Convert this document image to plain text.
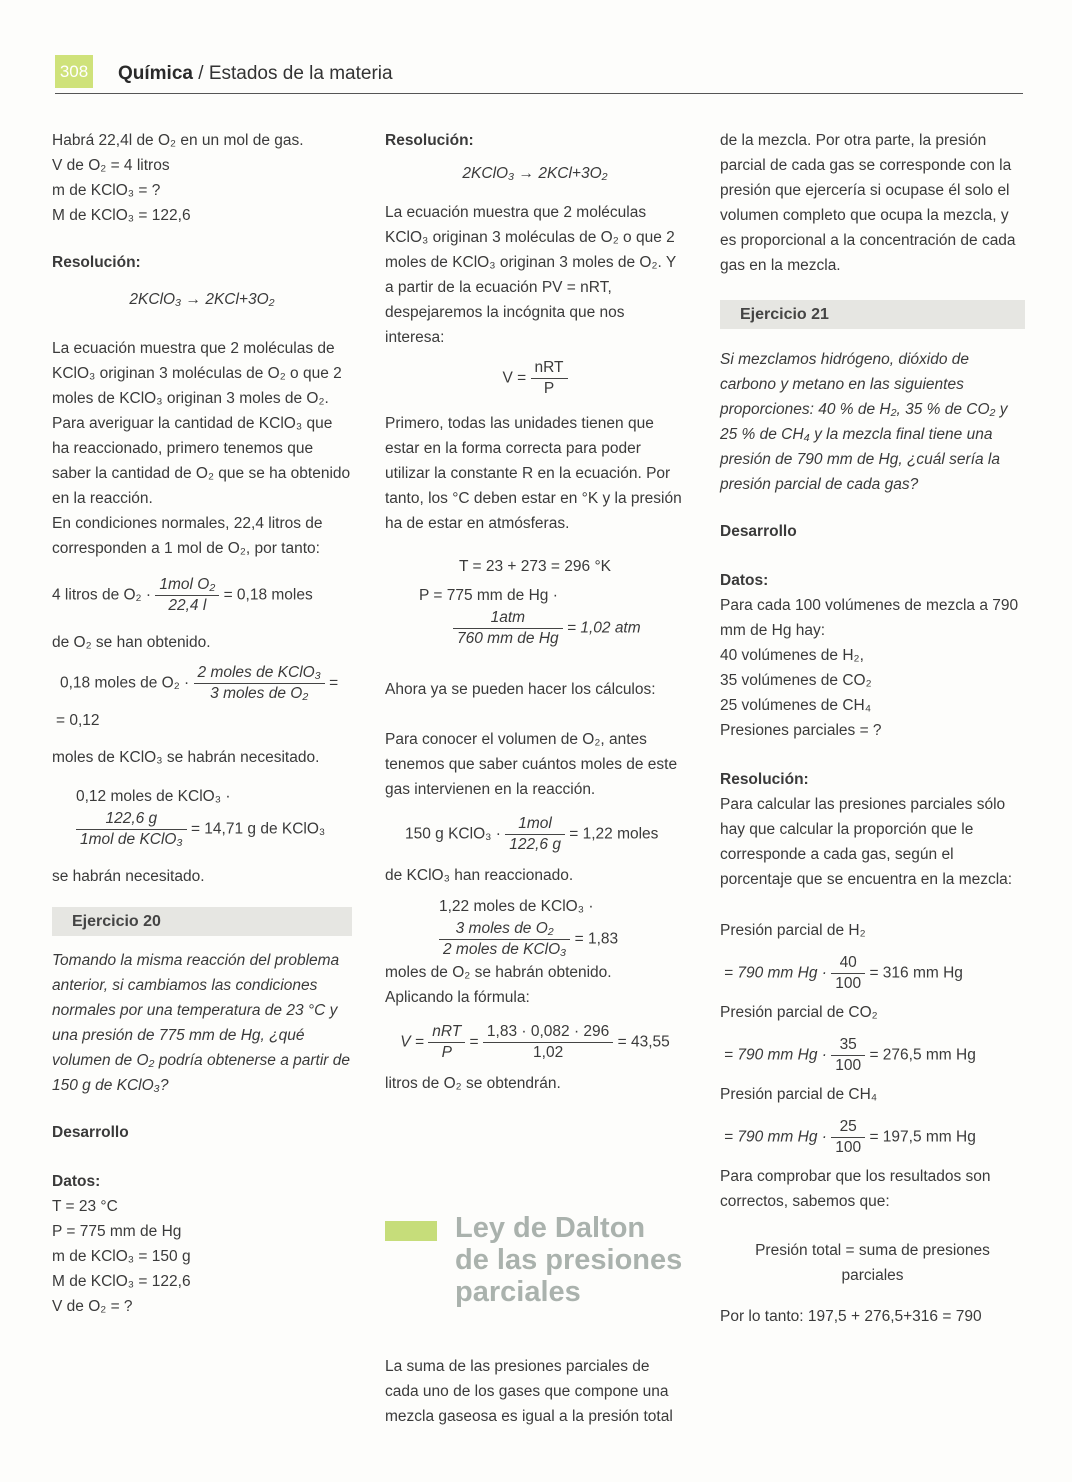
308 Química / Estados de la materia

Habrá 22,4l de O₂ en un mol de gas.

V de O₂ = 4 litros

m de KClO₃ = ?

M de KClO₃ = 122,6

Resolución:

2KClO₃ → 2KCl+3O₂

La ecuación muestra que 2 moléculas de KClO₃ originan 3 moléculas de O₂ o que 2 moles de KClO₃ originan 3 moles de O₂.

Para averiguar la cantidad de KClO₃ que ha reaccionado, primero tenemos que saber la cantidad de O₂ que se ha obtenido en la reacción.

En condiciones normales, 22,4 litros de corresponden a 1 mol de O₂, por tanto:

4 litros de $O_2 \cdot \frac{\text{1mol O₂}}{22,4 l} = 0,18$ moles

de O₂ se han obtenido.

0,18 moles de $O_2 \cdot \frac{\text{2 moles de KClO₃}}{\text{3 moles de O₂}}$ =

= 0,12

moles de KClO₃ se habrán necesitado.

0,12 moles de KClO₃ ·

$\frac{122,6 g}{\text{1mol de KClO₃}} = 14,71$ g de KClO₃

se habrán necesitado.

Ejercicio 20

Tomando la misma reacción del problema anterior, si cambiamos las condiciones normales por una temperatura de 23 °C y una presión de 775 mm de Hg, ¿qué volumen de O₂ podría obtenerse a partir de 150 g de KClO₃?

Desarrollo

Datos:

T = 23 °C

P = 775 mm de Hg

m de KClO₃ = 150 g

M de KClO₃ = 122,6

V de O₂ = ?

Resolución:

2KClO₃ → 2KCl+3O₂

La ecuación muestra que 2 moléculas KClO₃ originan 3 moléculas de O₂ o que 2 moles de KClO₃ originan 3 moles de O₂. Y a partir de la ecuación PV = nRT, despejaremos la incógnita que nos interesa:

$V = \frac{\text{nRT}}{P}$

Primero, todas las unidades tienen que estar en la forma correcta para poder utilizar la constante R en la ecuación. Por tanto, los °C deben estar en °K y la presión ha de estar en atmósferas.

T = 23 + 273 = 296 °K

P = 775 mm de Hg ·

$\frac{\text{1atm}}{\text{760 mm de Hg}} = 1,02$ atm

Ahora ya se pueden hacer los cálculos:

Para conocer el volumen de O₂, antes tenemos que saber cuántos moles de este gas intervienen en la reacción.

150 g KClO₃ · $\frac{\text{1mol}}{122,6 g} = 1,22$ moles

de KClO₃ han reaccionado.

1,22 moles de KClO₃ ·

$\frac{\text{3 moles de O₂}}{\text{2 moles de KClO₃}} = 1,83$

moles de O₂ se habrán obtenido.

Aplicando la fórmula:

$V = \frac{\text{nRT}}{P} = \frac{1,83 \cdot 0,082 \cdot 296}{1,02} = 43,55$

litros de O₂ se obtendrán.

Ley de Dalton de las presiones parciales

La suma de las presiones parciales de cada uno de los gases que compone una mezcla gaseosa es igual a la presión total

de la mezcla. Por otra parte, la presión parcial de cada gas se corresponde con la presión que ejercería si ocupase él solo el volumen completo que ocupa la mezcla, y es proporcional a la concentración de cada gas en la mezcla.

Ejercicio 21

Si mezclamos hidrógeno, dióxido de carbono y metano en las siguientes proporciones: 40 % de H₂, 35 % de CO₂ y 25 % de CH₄ y la mezcla final tiene una presión de 790 mm de Hg, ¿cuál sería la presión parcial de cada gas?

Desarrollo

Datos:

Para cada 100 volúmenes de mezcla a 790 mm de Hg hay:

40 volúmenes de H₂,

35 volúmenes de CO₂

25 volúmenes de CH₄

Presiones parciales = ?

Resolución:

Para calcular las presiones parciales sólo hay que calcular la proporción que le corresponde a cada gas, según el porcentaje que se encuentra en la mezcla:

Presión parcial de H₂

= 790 mm $Hg \cdot \frac{40}{100} = 316$ mm Hg

Presión parcial de CO₂

= 790 mm $Hg \cdot \frac{35}{100} = 276,5$ mm Hg

Presión parcial de CH₄

= 790 mm $Hg \cdot \frac{25}{100} = 197,5$ mm Hg

Para comprobar que los resultados son correctos, sabemos que:

Presión total = suma de presiones parciales

Por lo tanto: 197,5 + 276,5+316 = 790
